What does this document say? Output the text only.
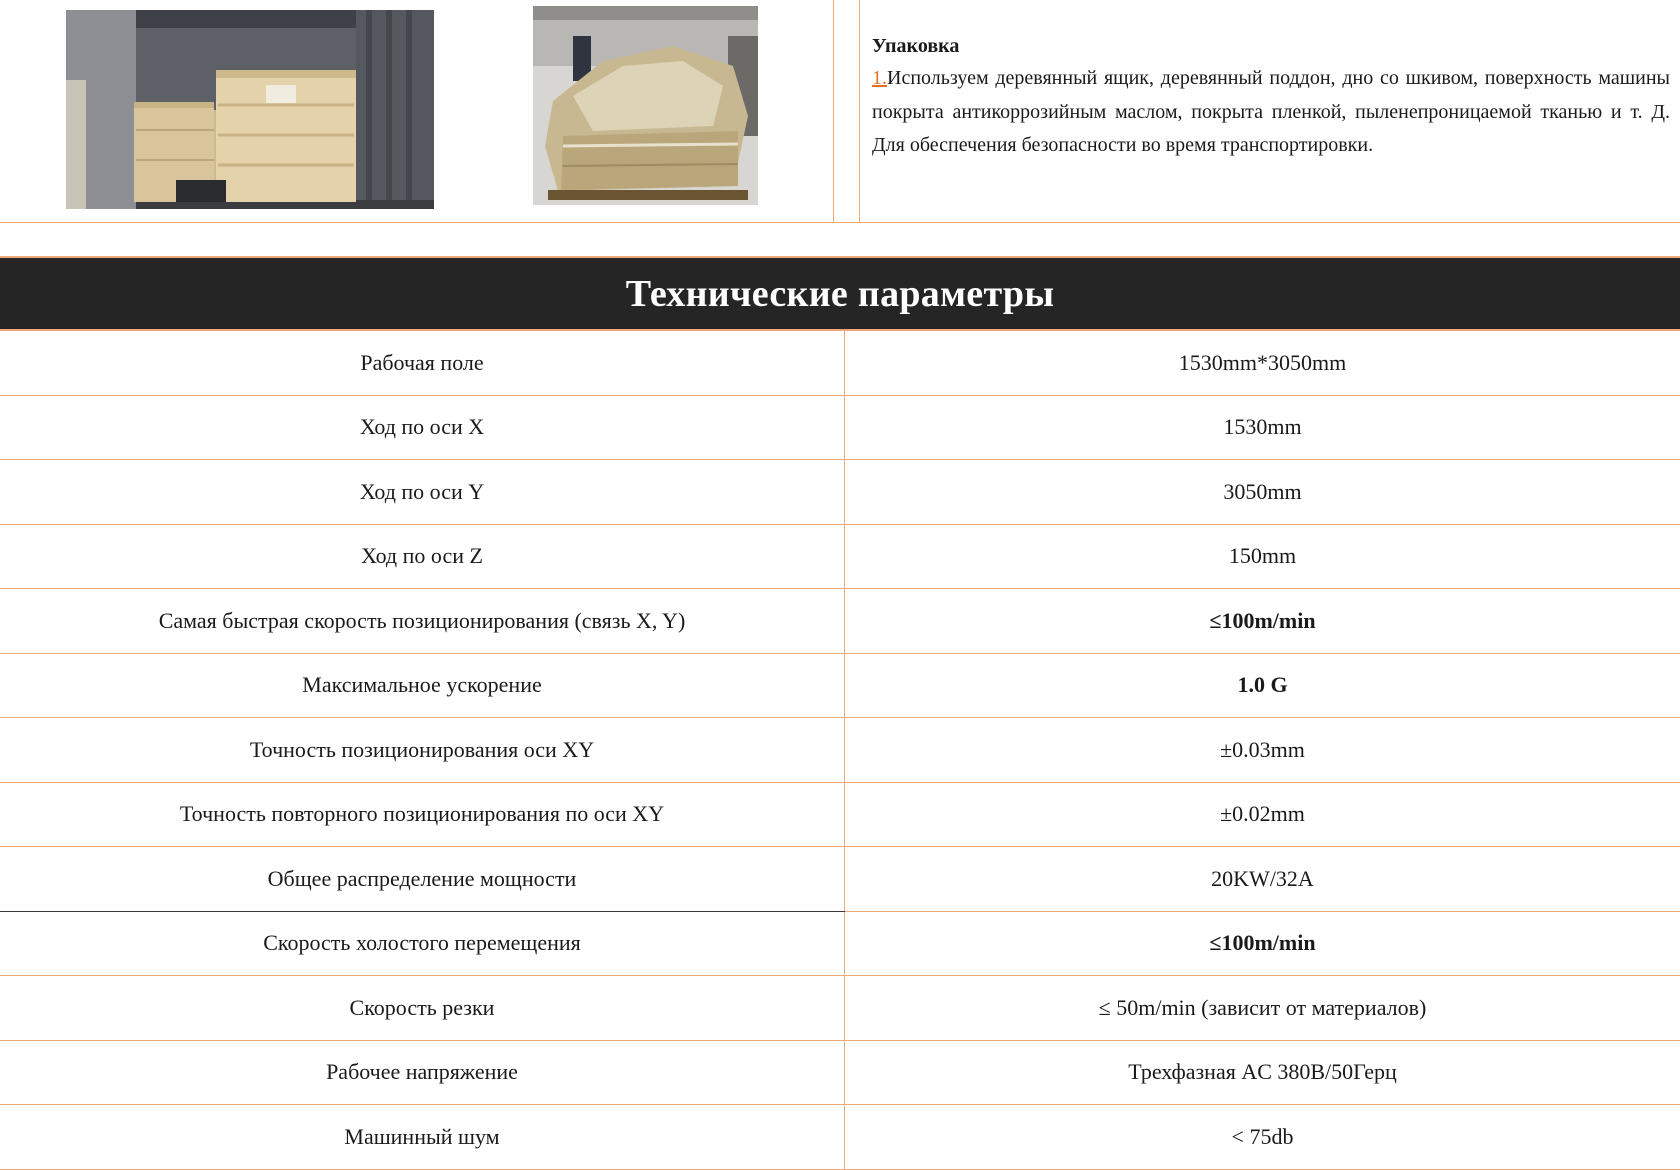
Упаковка
1.Используем деревянный ящик, деревянный поддон, дно со шкивом, поверхность машины покрыта антикоррозийным маслом, покрыта пленкой, пыленепроницаемой тканью и т. Д. Для обеспечения безопасности во время транспортировки.
Технические параметры
Рабочая поле	1530mm*3050mm
Ход по оси X	1530mm
Ход по оси Y	3050mm
Ход по оси Z	150mm
Самая быстрая скорость позиционирования (связь X, Y)	≤100m/min
Максимальное ускорение	1.0 G
Точность позиционирования оси XY	±0.03mm
Точность повторного позиционирования по оси XY	±0.02mm
Общее распределение мощности	20KW/32A
Скорость холостого перемещения	≤100m/min
Скорость резки	≤ 50m/min (зависит от материалов)
Рабочее напряжение	Трехфазная AC 380В/50Герц
Машинный шум	< 75db
